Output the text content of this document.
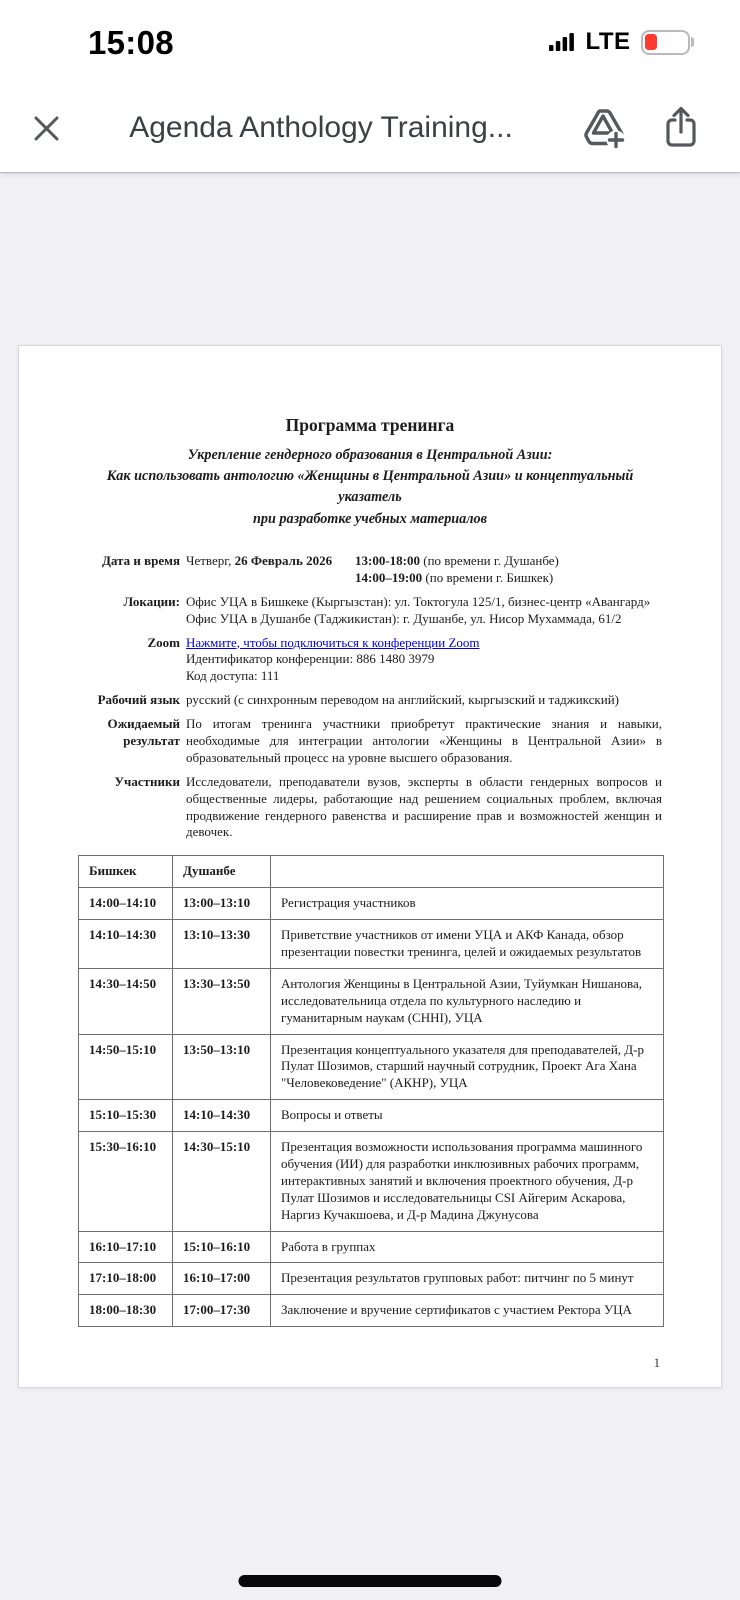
15:08	LTE
Agenda Anthology Training...
Программа тренинга
Укрепление гендерного образования в Центральной Азии:
Как использовать антологию «Женщины в Центральной Азии» и концептуальный указатель
при разработке учебных материалов
Дата и время Четверг, 26 Февраль 2026	13:00-18:00 (по времени г. Душанбе)
14:00–19:00 (по времени г. Бишкек)
Локации: Офис УЦА в Бишкеке (Кыргызстан): ул. Токтогула 125/1, бизнес-центр «Авангард»
Офис УЦА в Душанбе (Таджикистан): г. Душанбе, ул. Нисор Мухаммада, 61/2
Zoom Нажмите, чтобы подключиться к конференции Zoom
Идентификатор конференции: 886 1480 3979
Код доступа: 111
Рабочий язык русский (с синхронным переводом на английский, кыргызский и таджикский)
Ожидаемый
результат
По итогам тренинга участники приобретут практические знания и навыки, необходимые для интеграции антологии «Женщины в Центральной Азии» в образовательный процесс на уровне высшего образования.
Участники Исследователи, преподаватели вузов, эксперты в области гендерных вопросов и общественные лидеры, работающие над решением социальных проблем, включая продвижение гендерного равенства и расширение прав и возможностей женщин и девочек.
Бишкек	Душанбе	
14:00–14:10	13:00–13:10	Регистрация участников
14:10–14:30	13:10–13:30	Приветствие участников от имени УЦА и АКФ Канада, обзор презентации повестки тренинга, целей и ожидаемых результатов
14:30–14:50	13:30–13:50	Антология Женщины в Центральной Азии, Туйумкан Нишанова, исследовательница отдела по культурного наследию и гуманитарным наукам (CHHI), УЦА
14:50–15:10	13:50–13:10	Презентация концептуального указателя для преподавателей, Д-р Пулат Шозимов, старший научный сотрудник, Проект Ага Хана "Человековедение" (АКНР), УЦА
15:10–15:30	14:10–14:30	Вопросы и ответы
15:30–16:10	14:30–15:10	Презентация возможности использования программа машинного обучения (ИИ) для разработки инклюзивных рабочих программ, интерактивных занятий и включения проектного обучения, Д-р Пулат Шозимов и исследовательницы CSI Айгерим Аскарова, Наргиз Кучакшоева, и Д-р Мадина Джунусова
16:10–17:10	15:10–16:10	Работа в группах
17:10–18:00	16:10–17:00	Презентация результатов групповых работ: питчинг по 5 минут
18:00–18:30	17:00–17:30	Заключение и вручение сертификатов с участием Ректора УЦА
1
